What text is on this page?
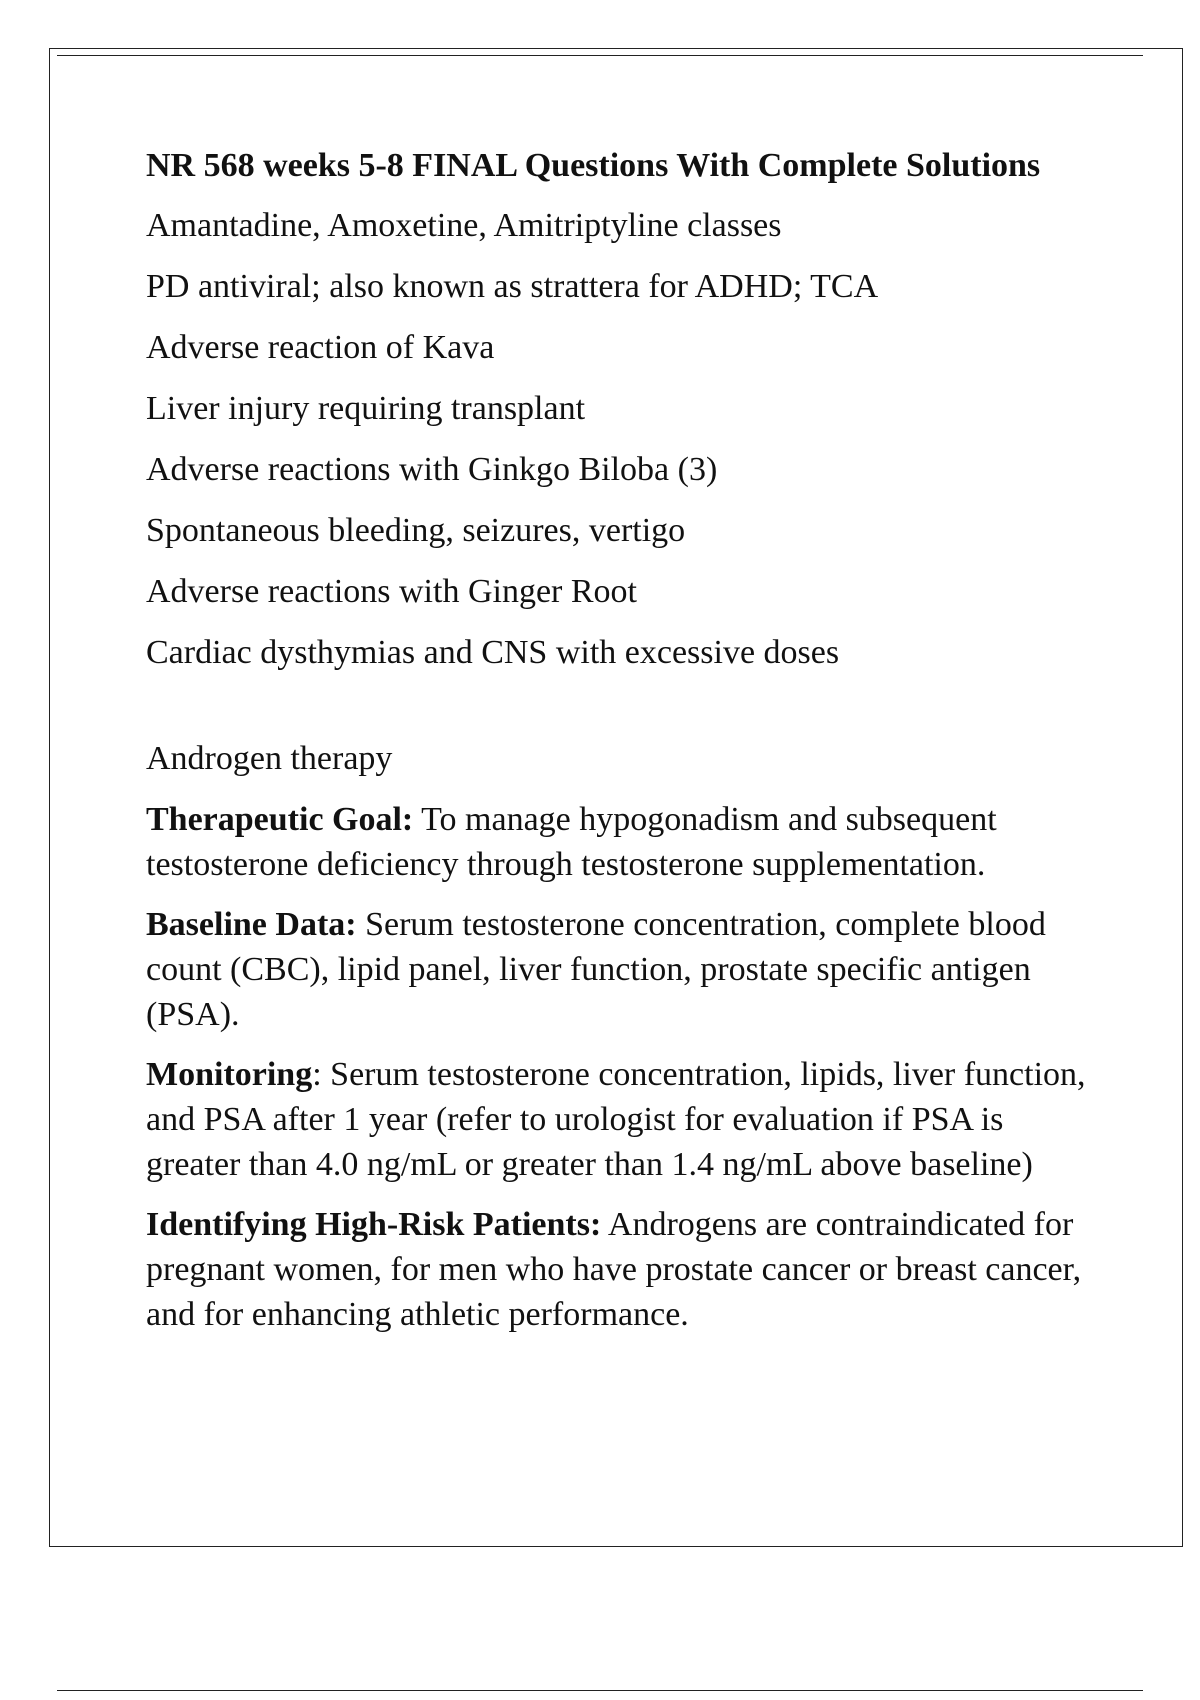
NR 568 weeks 5-8 FINAL Questions With Complete Solutions
Amantadine, Amoxetine, Amitriptyline classes
PD antiviral; also known as strattera for ADHD; TCA
Adverse reaction of Kava
Liver injury requiring transplant
Adverse reactions with Ginkgo Biloba (3)
Spontaneous bleeding, seizures, vertigo
Adverse reactions with Ginger Root
Cardiac dysthymias and CNS with excessive doses
Androgen therapy
Therapeutic Goal: To manage hypogonadism and subsequent testosterone deficiency through testosterone supplementation.
Baseline Data: Serum testosterone concentration, complete blood count (CBC), lipid panel, liver function, prostate specific antigen (PSA).
Monitoring: Serum testosterone concentration, lipids, liver function, and PSA after 1 year (refer to urologist for evaluation if PSA is greater than 4.0 ng/mL or greater than 1.4 ng/mL above baseline)
Identifying High-Risk Patients: Androgens are contraindicated for pregnant women, for men who have prostate cancer or breast cancer, and for enhancing athletic performance.
